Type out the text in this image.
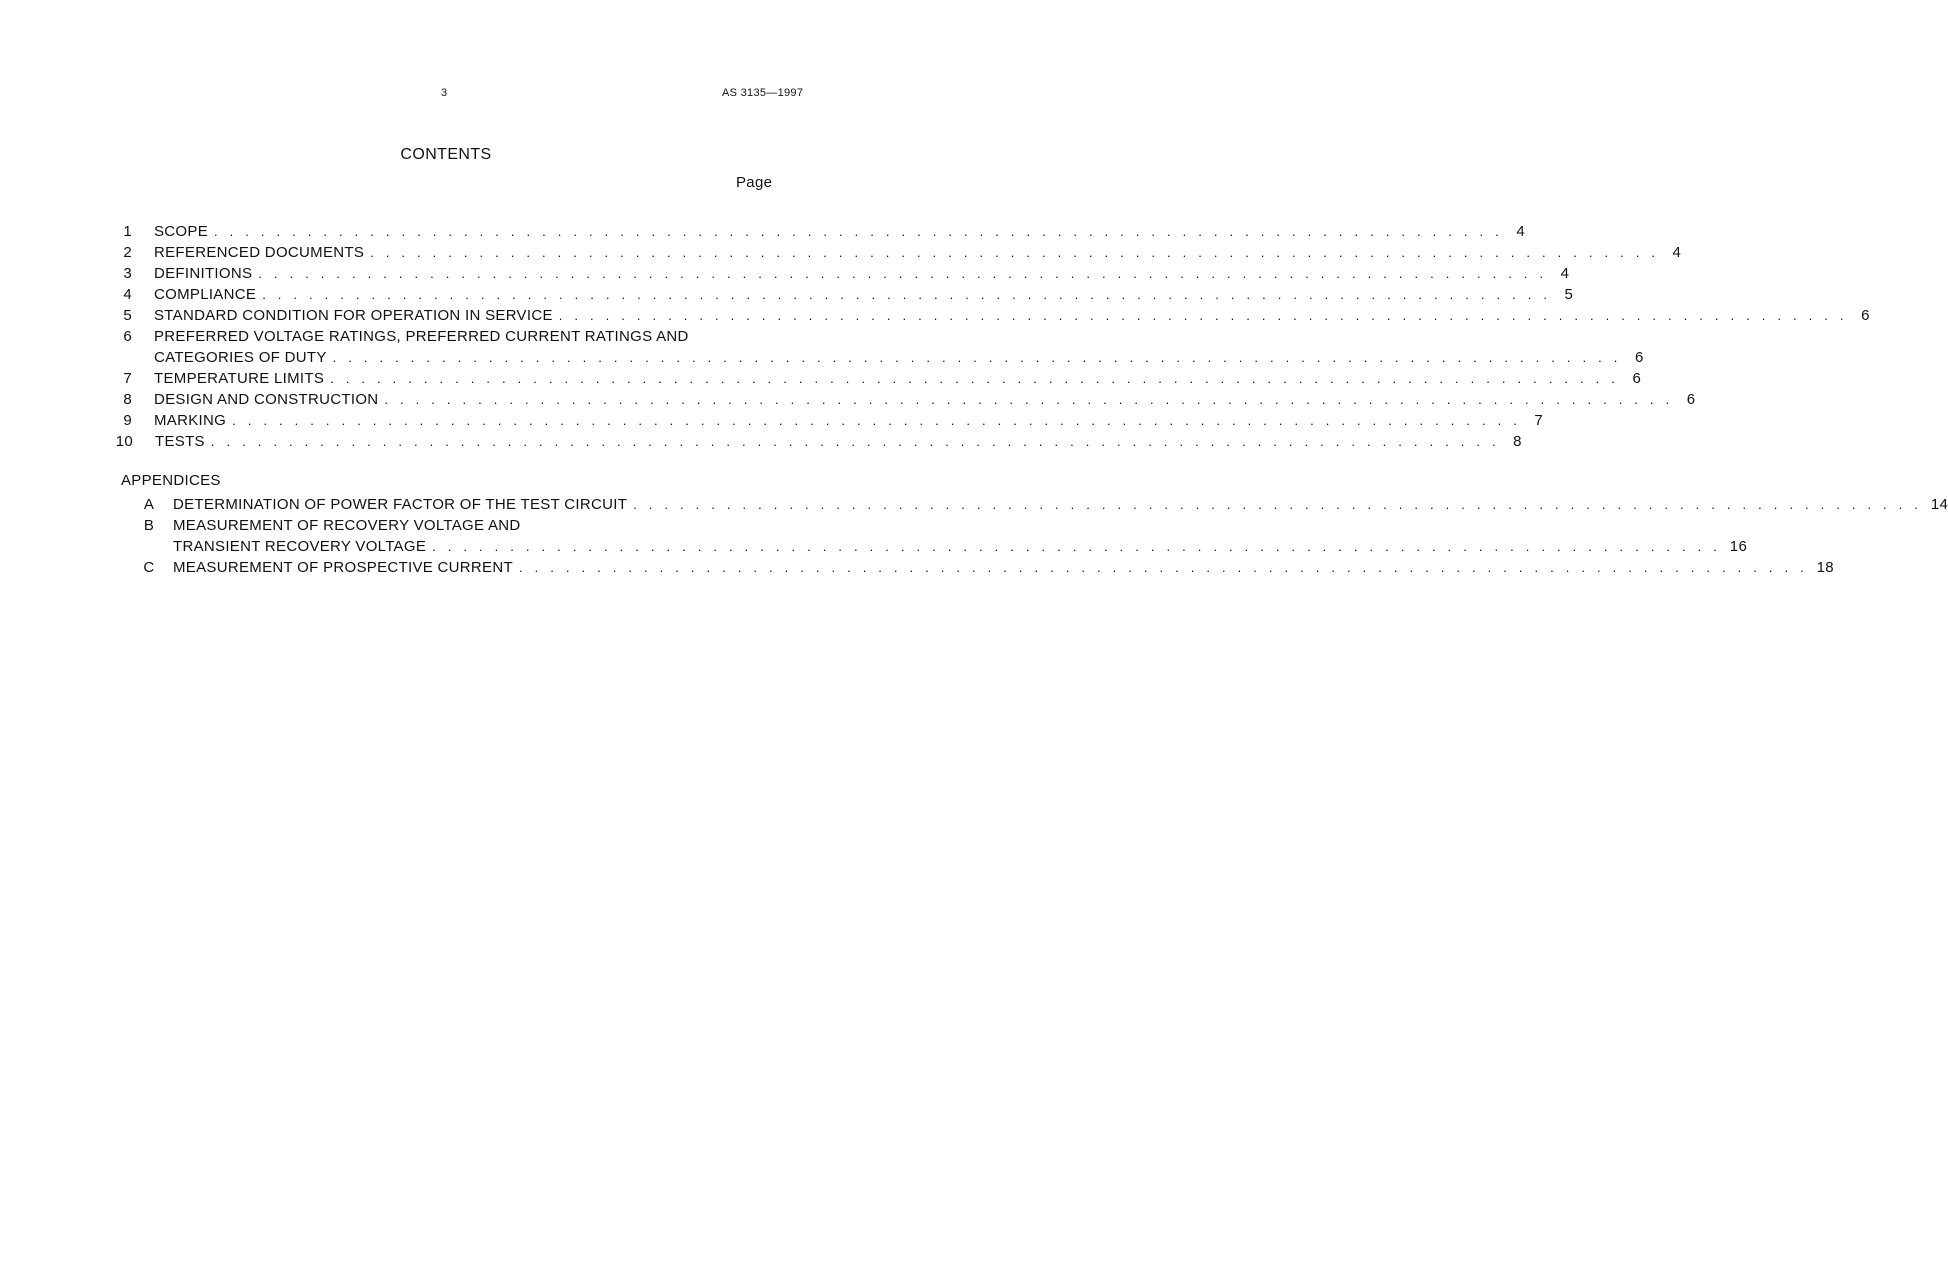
3	AS 3135—1997
CONTENTS
Page
1 SCOPE . . . . . . . . . . . . . . . . . . . . . . . . . . . . . . . . . . . . . . . . . . . . . . . . . . . . . . . . . . . . . . . . . . . . . . . . . . . . . . . . . . . 4
2 REFERENCED DOCUMENTS . . . . . . . . . . . . . . . . . . . . . . . . . . . . . . . . . . . . . . . . . . . . . . . . . . . . . . . . . . . . . . . . . . . . . . . . . . . . . . . . . . . 4
3 DEFINITIONS . . . . . . . . . . . . . . . . . . . . . . . . . . . . . . . . . . . . . . . . . . . . . . . . . . . . . . . . . . . . . . . . . . . . . . . . . . . . . . . . . . . 4
4 COMPLIANCE . . . . . . . . . . . . . . . . . . . . . . . . . . . . . . . . . . . . . . . . . . . . . . . . . . . . . . . . . . . . . . . . . . . . . . . . . . . . . . . . . . . 5
5 STANDARD CONDITION FOR OPERATION IN SERVICE . . . . . . . . . . . . . . . . . . . . . . . . . . . . . . . . . . . . . . . . . . . . . . . . . . . . . . . . . . . . . . . . . . . . . . . . . . . . . . . . . . . 6
6 PREFERRED VOLTAGE RATINGS, PREFERRED CURRENT RATINGS AND
CATEGORIES OF DUTY . . . . . . . . . . . . . . . . . . . . . . . . . . . . . . . . . . . . . . . . . . . . . . . . . . . . . . . . . . . . . . . . . . . . . . . . . . . . . . . . . . . 6
7 TEMPERATURE LIMITS . . . . . . . . . . . . . . . . . . . . . . . . . . . . . . . . . . . . . . . . . . . . . . . . . . . . . . . . . . . . . . . . . . . . . . . . . . . . . . . . . . . 6
8 DESIGN AND CONSTRUCTION . . . . . . . . . . . . . . . . . . . . . . . . . . . . . . . . . . . . . . . . . . . . . . . . . . . . . . . . . . . . . . . . . . . . . . . . . . . . . . . . . . . 6
9 MARKING . . . . . . . . . . . . . . . . . . . . . . . . . . . . . . . . . . . . . . . . . . . . . . . . . . . . . . . . . . . . . . . . . . . . . . . . . . . . . . . . . . . 7
10 TESTS . . . . . . . . . . . . . . . . . . . . . . . . . . . . . . . . . . . . . . . . . . . . . . . . . . . . . . . . . . . . . . . . . . . . . . . . . . . . . . . . . . . 8
APPENDICES
A DETERMINATION OF POWER FACTOR OF THE TEST CIRCUIT . . . . . . . . . . . . . . . . . . . . . . . . . . . . . . . . . . . . . . . . . . . . . . . . . . . . . . . . . . . . . . . . . . . . . . . . . . . . . . . . . . . 14
B MEASUREMENT OF RECOVERY VOLTAGE AND
TRANSIENT RECOVERY VOLTAGE . . . . . . . . . . . . . . . . . . . . . . . . . . . . . . . . . . . . . . . . . . . . . . . . . . . . . . . . . . . . . . . . . . . . . . . . . . . . . . . . . . . 16
C MEASUREMENT OF PROSPECTIVE CURRENT . . . . . . . . . . . . . . . . . . . . . . . . . . . . . . . . . . . . . . . . . . . . . . . . . . . . . . . . . . . . . . . . . . . . . . . . . . . . . . . . . . . 18
